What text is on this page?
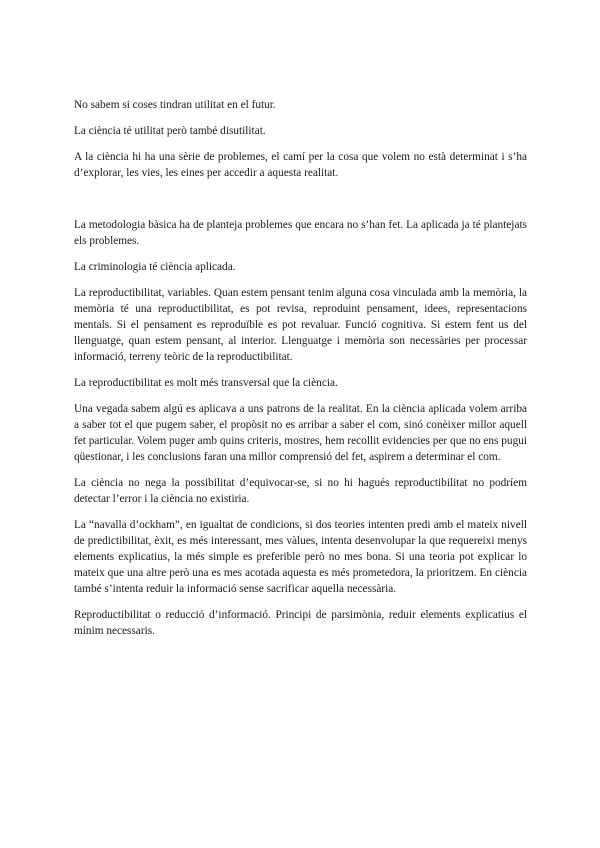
No sabem si coses tindran utilitat en el futur.

La ciència té utilitat però també disutilitat.

A la ciència hi ha una sèrie de problemes, el camí per la cosa que volem no està determinat i s’ha d’explorar, les vies, les eines per accedir a aquesta realitat.

La metodologia bàsica ha de planteja problemes que encara no s’han fet. La aplicada ja té plantejats els problemes.

La criminologia té ciència aplicada.

La reproductibilitat, variables. Quan estem pensant tenim alguna cosa vinculada amb la memòria, la memòria té una reproductibilitat, es pot revisa, reproduint pensament, idees, representacions mentals. Si el pensament es reproduïble es pot revaluar. Funció cognitiva. Si estem fent us del llenguatge, quan estem pensant, al interior. Llenguatge i memòria son necessàries per processar informació, terreny teòric de la reproductibilitat.

La reproductibilitat es molt més transversal que la ciència.

Una vegada sabem algú es aplicava a uns patrons de la realitat. En la ciència aplicada volem arriba a saber tot el que pugem saber, el propòsit no es arribar a saber el com, sinó conèixer millor aquell fet particular. Volem puger amb quins criteris, mostres, hem recollit evidencies per que no ens pugui qüestionar, i les conclusions faran una millor comprensió del fet, aspirem a determinar el com.

La ciència no nega la possibilitat d’equivocar-se, si no hi hagués reproductibilitat no podríem detectar l’error i la ciència no existiria.

La “navalla d’ockham”, en igualtat de condicions, si dos teories intenten predi amb el mateix nivell de predictibilitat, èxit, es més interessant, mes vàlues, intenta desenvolupar la que requereixi menys elements explicatius, la més simple es preferible però no mes bona. Si una teoria pot explicar lo mateix que una altre però una es mes acotada aquesta es més prometedora, la prioritzem. En ciència també s’intenta reduir la informació sense sacrificar aquella necessària.

Reproductibilitat o reducció d’informació. Principi de parsimònia, reduir elements explicatius el mínim necessaris.
